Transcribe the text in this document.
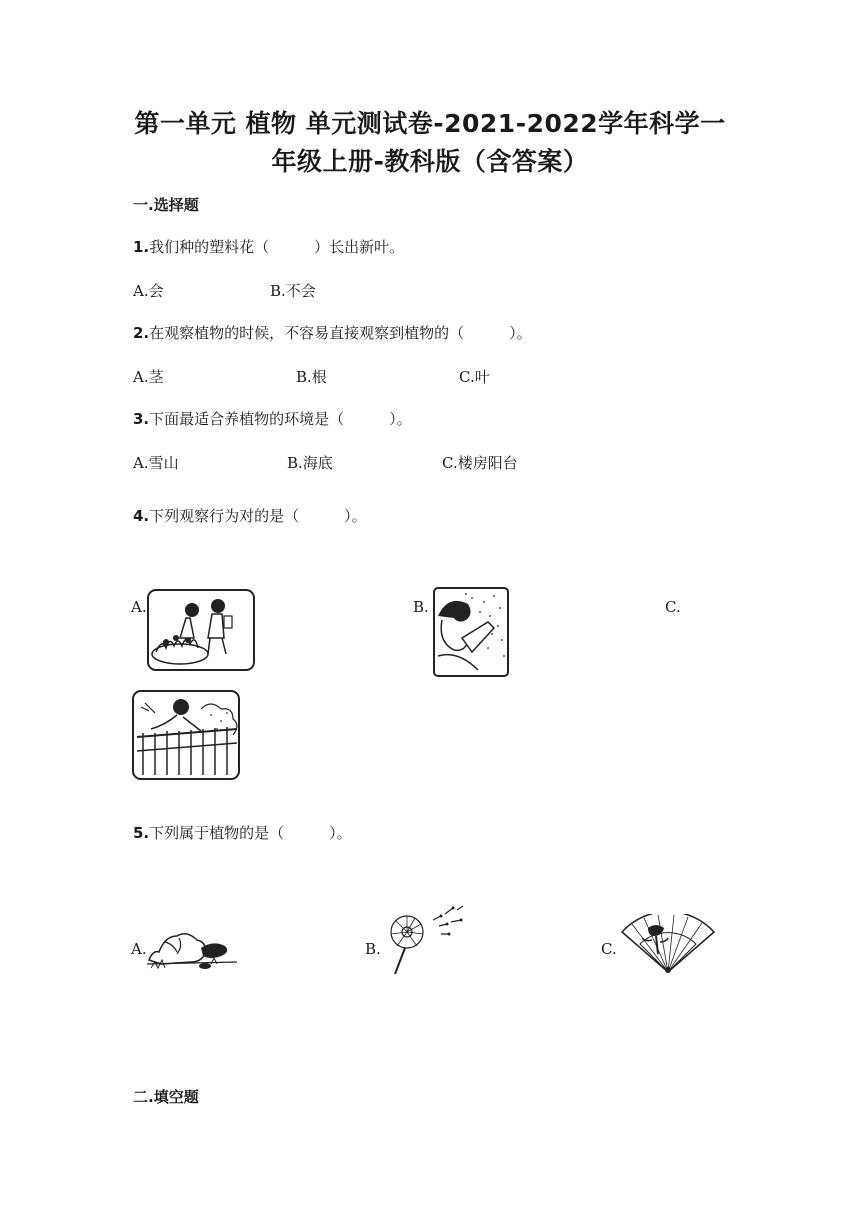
第一单元 植物 单元测试卷-2021-2022学年科学一
年级上册-教科版（含答案）
一.选择题
1.我们种的塑料花（　　　）长出新叶。
A.会	B.不会
2.在观察植物的时候，不容易直接观察到植物的（　　　）。
A.茎	B.根	C.叶
3.下面最适合养植物的环境是（　　　）。
A.雪山	B.海底	C.楼房阳台
4.下列观察行为对的是（　　　）。
A.	B.	C.
5.下列属于植物的是（　　　）。
A.	B.	C.
二.填空题
